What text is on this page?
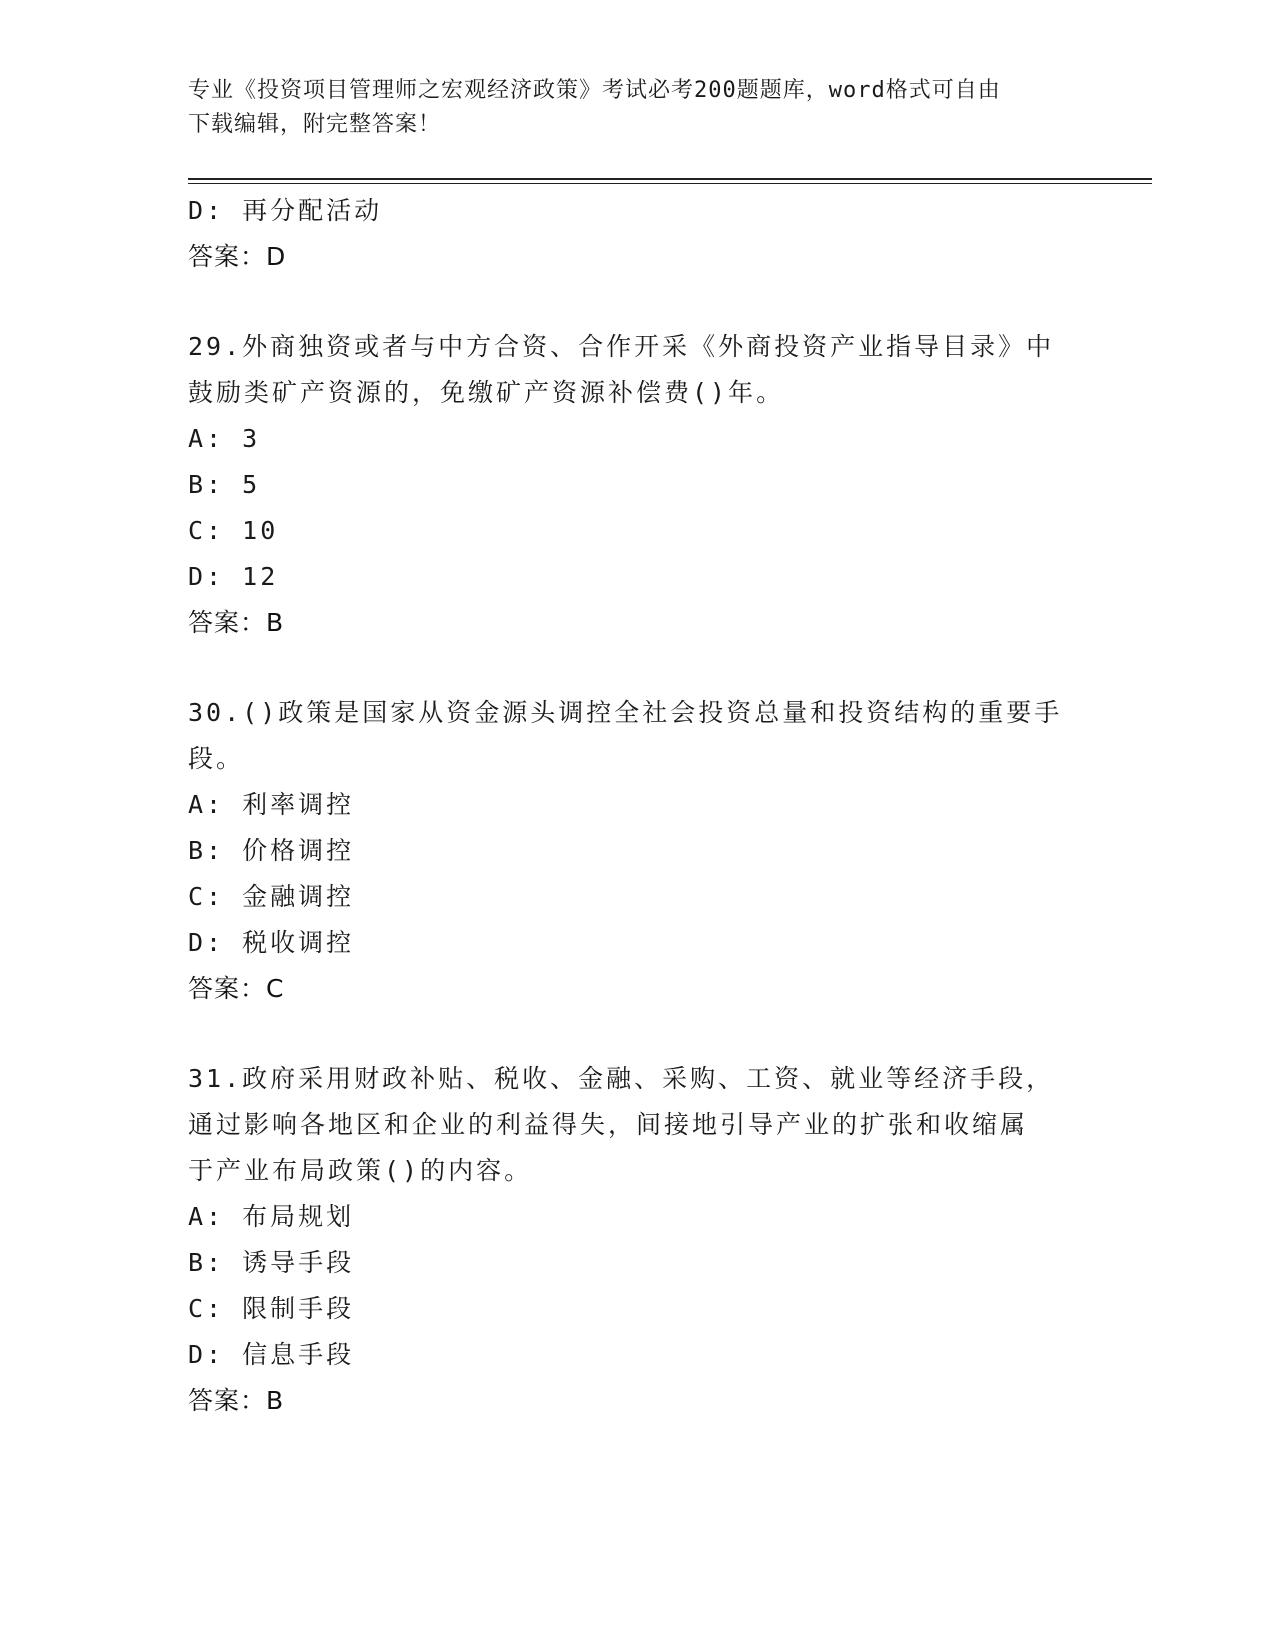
专业《投资项目管理师之宏观经济政策》考试必考200题题库，word格式可自由
下载编辑，附完整答案！
D: 再分配活动
答案：D
29.外商独资或者与中方合资、合作开采《外商投资产业指导目录》中
鼓励类矿产资源的，免缴矿产资源补偿费()年。
A: 3
B: 5
C: 10
D: 12
答案：B
30.()政策是国家从资金源头调控全社会投资总量和投资结构的重要手
段。
A: 利率调控
B: 价格调控
C: 金融调控
D: 税收调控
答案：C
31.政府采用财政补贴、税收、金融、采购、工资、就业等经济手段，
通过影响各地区和企业的利益得失，间接地引导产业的扩张和收缩属
于产业布局政策()的内容。
A: 布局规划
B: 诱导手段
C: 限制手段
D: 信息手段
答案：B
